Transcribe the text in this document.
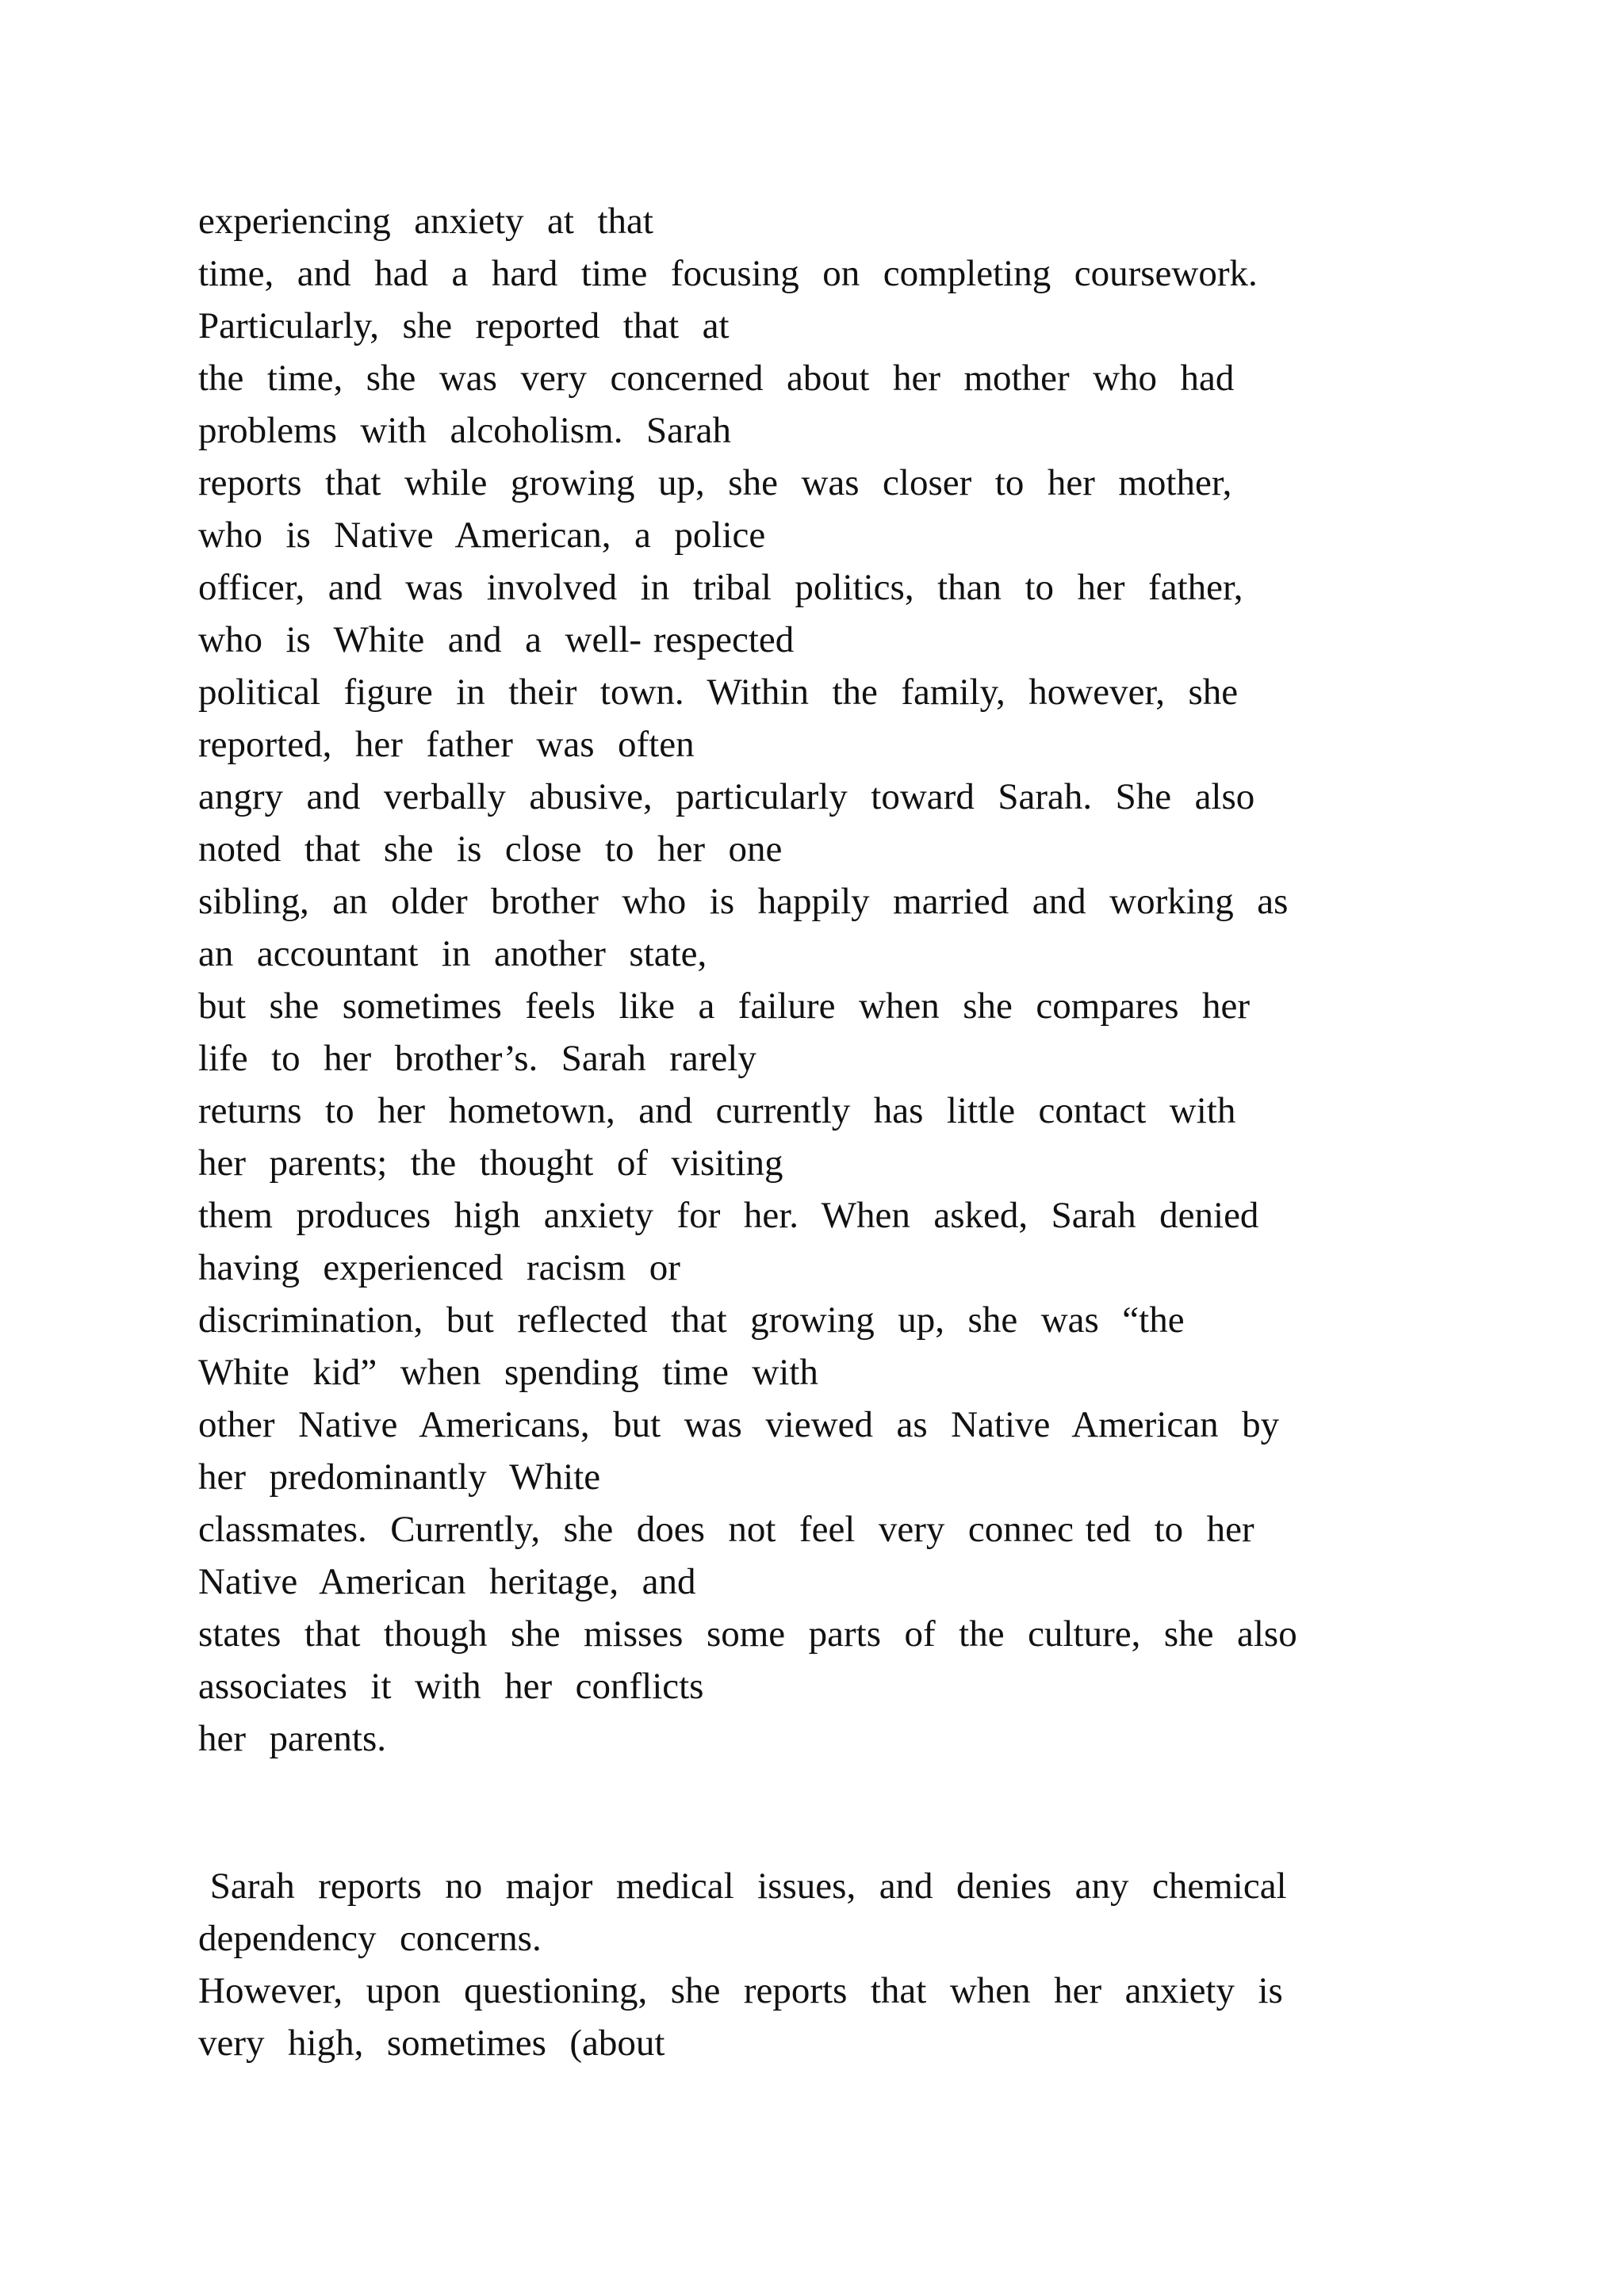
experiencing  anxiety  at  that
time,  and  had  a  hard  time  focusing  on  completing  coursework.
Particularly,  she  reported  that  at
the  time,  she  was  very  concerned  about  her  mother  who  had
problems  with  alcoholism.  Sarah
reports  that  while  growing  up,  she  was  closer  to  her  mother,
who  is  Native  American,  a  police
officer,  and  was  involved  in  tribal  politics,  than  to  her  father,
who  is  White  and  a  well- respected
political  figure  in  their  town.  Within  the  family,  however,  she
reported,  her  father  was  often
angry  and  verbally  abusive,  particularly  toward  Sarah.  She  also
noted  that  she  is  close  to  her  one
sibling,  an  older  brother  who  is  happily  married  and  working  as
an  accountant  in  another  state,
but  she  sometimes  feels  like  a  failure  when  she  compares  her
life  to  her  brother’s.  Sarah  rarely
returns  to  her  hometown,  and  currently  has  little  contact  with
her  parents;  the  thought  of  visiting
them  produces  high  anxiety  for  her.  When  asked,  Sarah  denied
having  experienced  racism  or
discrimination,  but  reflected  that  growing  up,  she  was  “the
White  kid”  when  spending  time  with
other  Native  Americans,  but  was  viewed  as  Native  American  by
her  predominantly  White
classmates.  Currently,  she  does  not  feel  very  connec ted  to  her
Native  American  heritage,  and
states  that  though  she  misses  some  parts  of  the  culture,  she  also
associates  it  with  her  conflicts
her  parents.
Sarah  reports  no  major  medical  issues,  and  denies  any  chemical
dependency  concerns.
However,  upon  questioning,  she  reports  that  when  her  anxiety  is
very  high,  sometimes  (about
